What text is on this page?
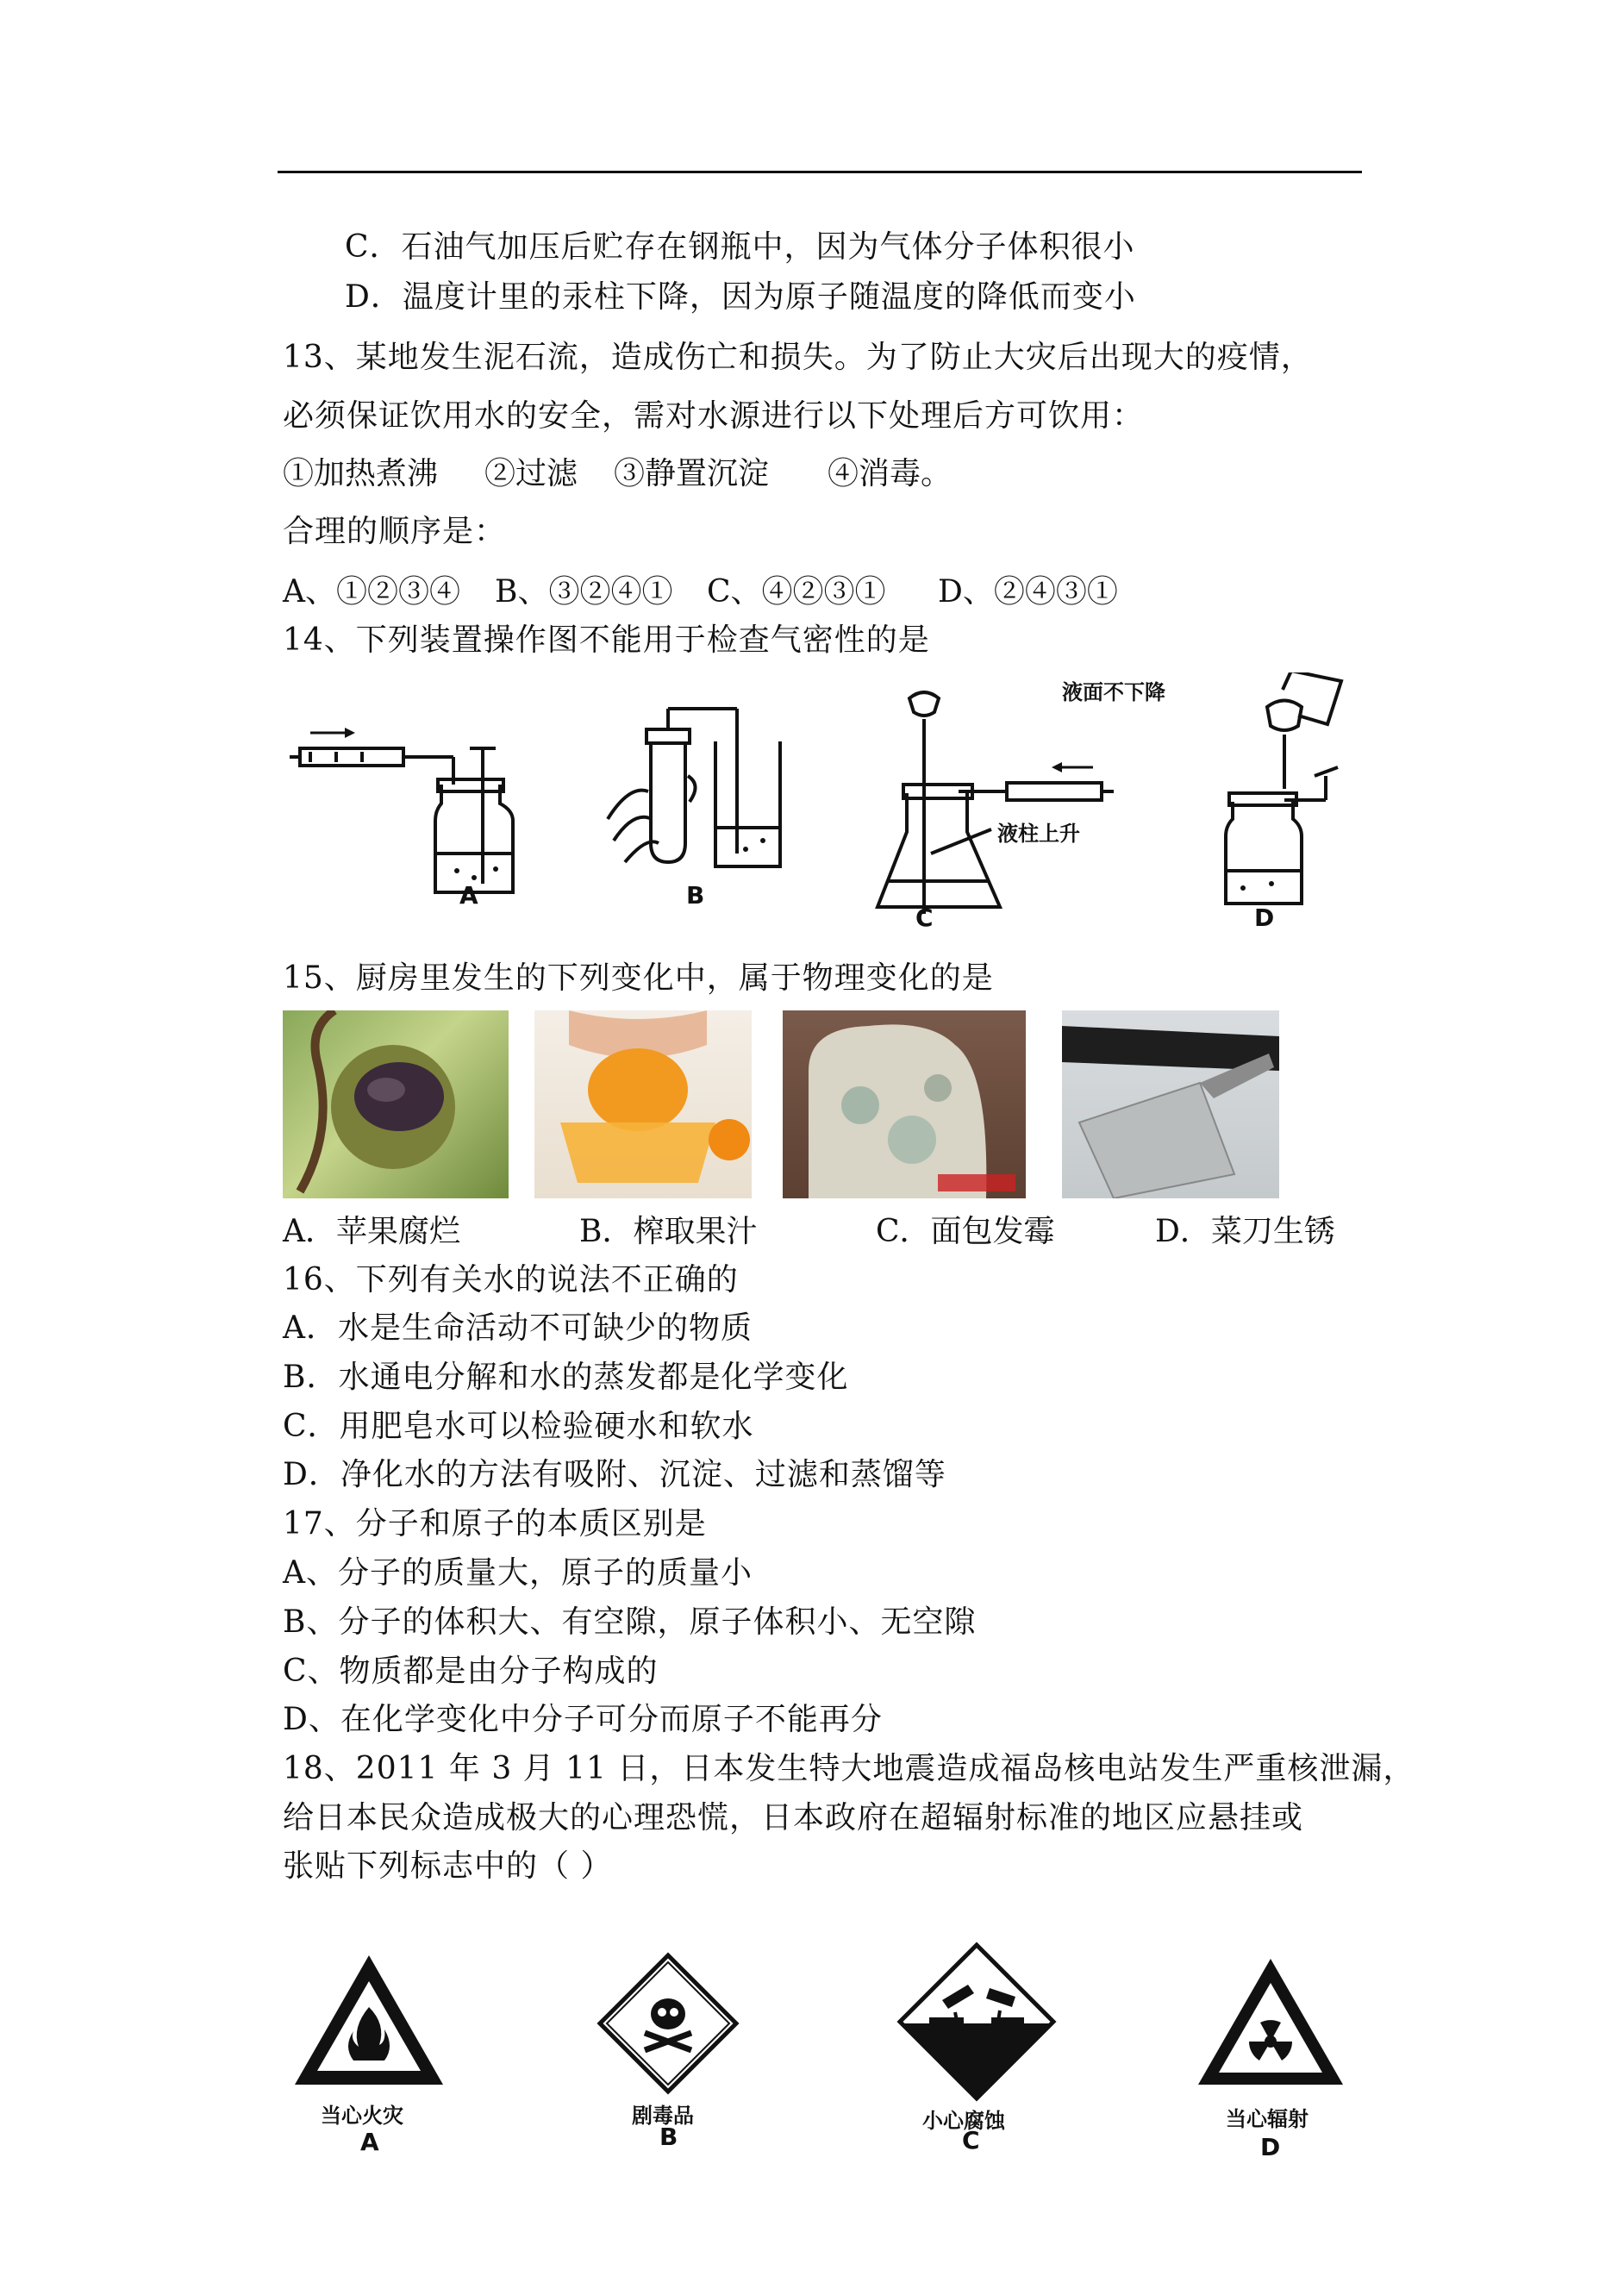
C．石油气加压后贮存在钢瓶中，因为气体分子体积很小
D．温度计里的汞柱下降，因为原子随温度的降低而变小
13、某地发生泥石流，造成伤亡和损失。为了防止大灾后出现大的疫情，
必须保证饮用水的安全，需对水源进行以下处理后方可饮用：
①加热煮沸 ②过滤 ③静置沉淀 ④消毒。
合理的顺序是：
A、①②③④ B、③②④① C、④②③① D、②④③①
14、下列装置操作图不能用于检查气密性的是
A	B
液柱上升
C
液面不下降
D
15、厨房里发生的下列变化中，属于物理变化的是
A．苹果腐烂	B．榨取果汁	C．面包发霉	D．菜刀生锈
16、下列有关水的说法不正确的
A．水是生命活动不可缺少的物质
B．水通电分解和水的蒸发都是化学变化
C．用肥皂水可以检验硬水和软水
D．净化水的方法有吸附、沉淀、过滤和蒸馏等
17、分子和原子的本质区别是
A、分子的质量大，原子的质量小
B、分子的体积大、有空隙，原子体积小、无空隙
C、物质都是由分子构成的
D、在化学变化中分子可分而原子不能再分
18、2011 年 3 月 11 日，日本发生特大地震造成福岛核电站发生严重核泄漏，
给日本民众造成极大的心理恐慌，日本政府在超辐射标准的地区应悬挂或
张贴下列标志中的（ ）
当心火灾
A
剧毒品
B
小心腐蚀
C
当心辐射
D
